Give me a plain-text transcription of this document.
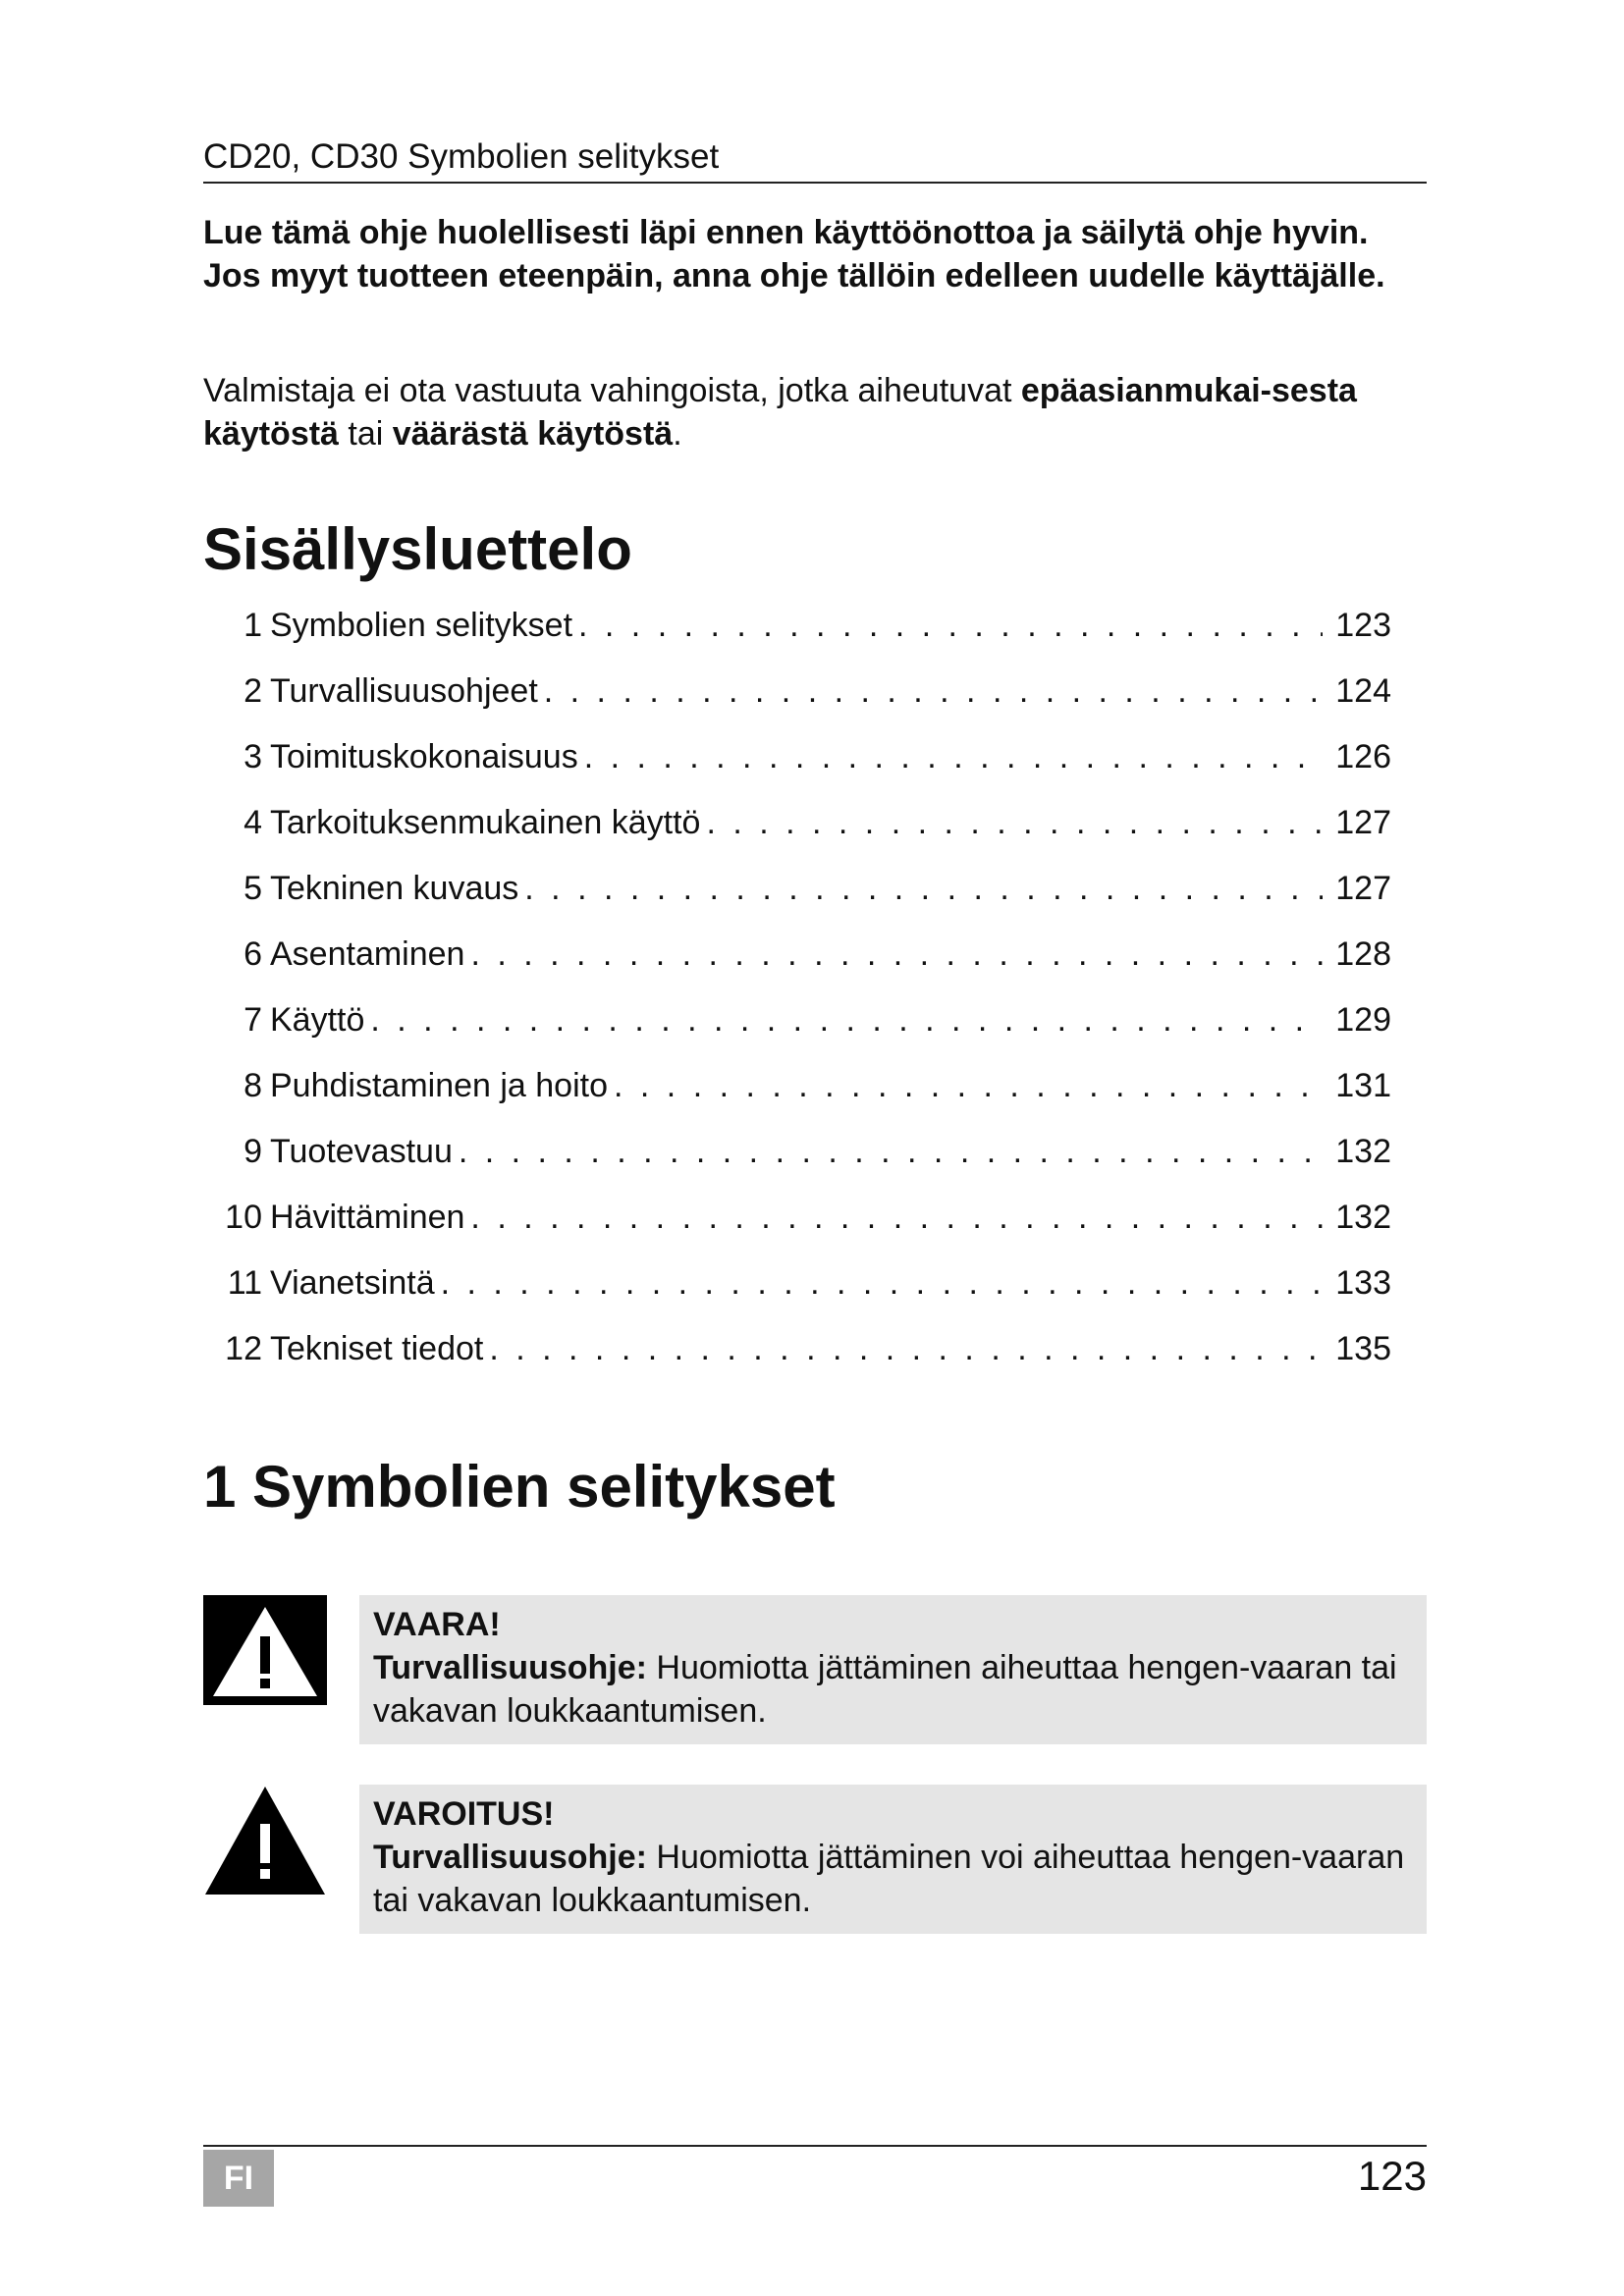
CD20, CD30 Symbolien selitykset
Lue tämä ohje huolellisesti läpi ennen käyttöönottoa ja säilytä ohje hyvin. Jos myyt tuotteen eteenpäin, anna ohje tällöin edelleen uudelle käyttäjälle.
Valmistaja ei ota vastuuta vahingoista, jotka aiheutuvat epäasianmukai-sesta käytöstä tai väärästä käytöstä.
Sisällysluettelo
1 Symbolien selitykset . . .	123
2 Turvallisuusohjeet . . .	124
3 Toimituskokonaisuus . . .	126
4 Tarkoituksenmukainen käyttö . . .	127
5 Tekninen kuvaus . . .	127
6 Asentaminen . . .	128
7 Käyttö . . .	129
8 Puhdistaminen ja hoito . . .	131
9 Tuotevastuu . . .	132
10 Hävittäminen . . .	132
11 Vianetsintä . . .	133
12 Tekniset tiedot . . .	135
1 Symbolien selitykset
VAARA!
Turvallisuusohje: Huomiotta jättäminen aiheuttaa hengen-vaaran tai vakavan loukkaantumisen.
VAROITUS!
Turvallisuusohje: Huomiotta jättäminen voi aiheuttaa hengen-vaaran tai vakavan loukkaantumisen.
FI	123
